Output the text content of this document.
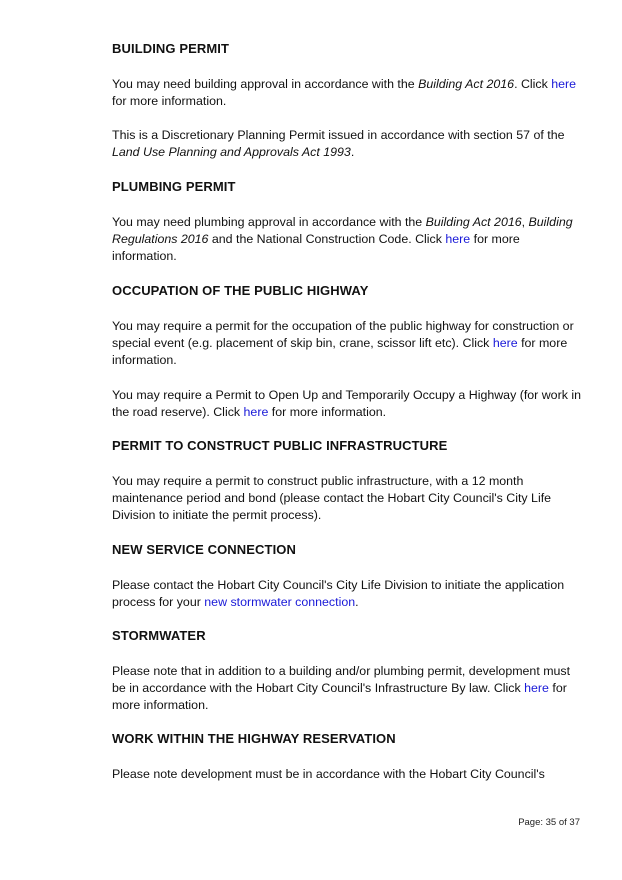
BUILDING PERMIT

You may need building approval in accordance with the Building Act 2016. Click here for more information.

This is a Discretionary Planning Permit issued in accordance with section 57 of the Land Use Planning and Approvals Act 1993.

PLUMBING PERMIT

You may need plumbing approval in accordance with the Building Act 2016, Building Regulations 2016 and the National Construction Code. Click here for more information.

OCCUPATION OF THE PUBLIC HIGHWAY

You may require a permit for the occupation of the public highway for construction or special event (e.g. placement of skip bin, crane, scissor lift etc). Click here for more information.

You may require a Permit to Open Up and Temporarily Occupy a Highway (for work in the road reserve). Click here for more information.

PERMIT TO CONSTRUCT PUBLIC INFRASTRUCTURE

You may require a permit to construct public infrastructure, with a 12 month maintenance period and bond (please contact the Hobart City Council's City Life Division to initiate the permit process).

NEW SERVICE CONNECTION

Please contact the Hobart City Council's City Life Division to initiate the application process for your new stormwater connection.

STORMWATER

Please note that in addition to a building and/or plumbing permit, development must be in accordance with the Hobart City Council's Infrastructure By law. Click here for more information.

WORK WITHIN THE HIGHWAY RESERVATION

Please note development must be in accordance with the Hobart City Council's

Page: 35 of 37
